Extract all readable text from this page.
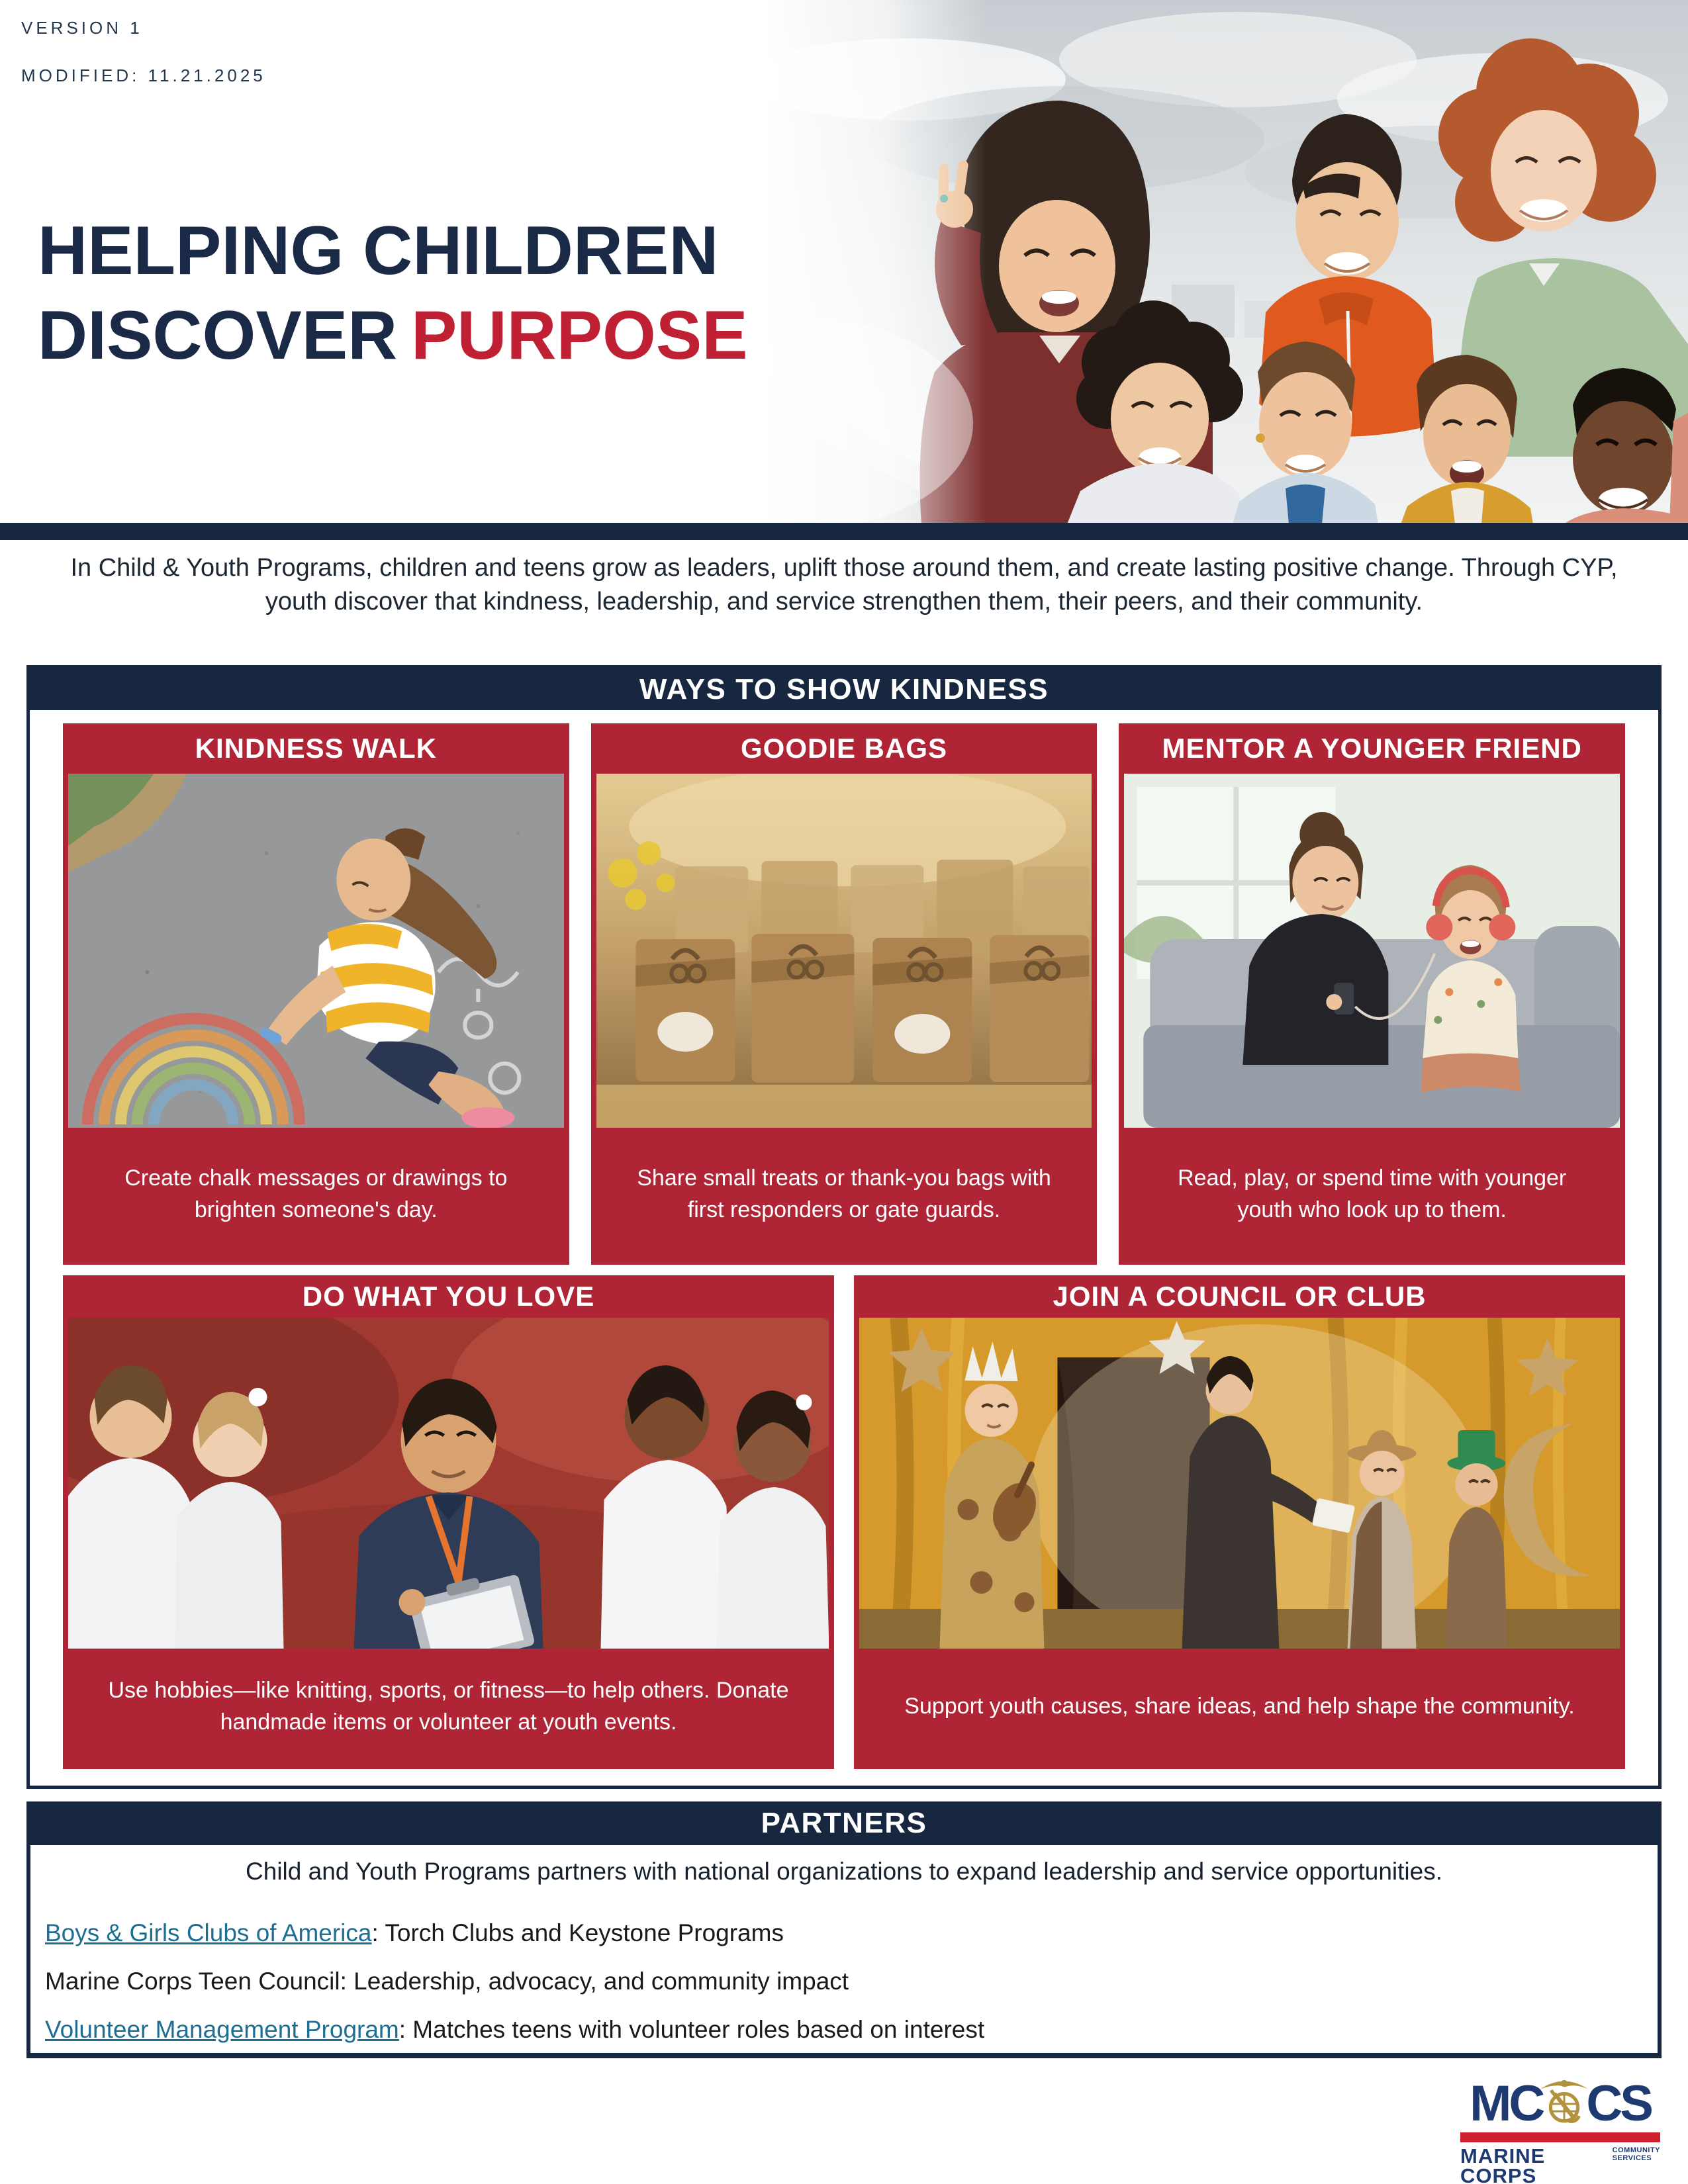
VERSION 1

MODIFIED: 11.21.2025
HELPING CHILDREN
DISCOVER PURPOSE
In Child & Youth Programs, children and teens grow as leaders, uplift those around them, and create lasting positive change. Through CYP, youth discover that kindness, leadership, and service strengthen them, their peers, and their community.
WAYS TO SHOW KINDNESS
KINDNESS WALK
Create chalk messages or drawings to brighten someone's day.
GOODIE BAGS
Share small treats or thank-you bags with first responders or gate guards.
MENTOR A YOUNGER FRIEND
Read, play, or spend time with younger youth who look up to them.
DO WHAT YOU LOVE
Use hobbies—like knitting, sports, or fitness—to help others. Donate handmade items or volunteer at youth events.
JOIN A COUNCIL OR CLUB
Support youth causes, share ideas, and help shape the community.
PARTNERS
Child and Youth Programs partners with national organizations to expand leadership and service opportunities.
Boys & Girls Clubs of America: Torch Clubs and Keystone Programs
Marine Corps Teen Council: Leadership, advocacy, and community impact
Volunteer Management Program: Matches teens with volunteer roles based on interest
MC CS
MARINE CORPS
COMMUNITY
SERVICES
